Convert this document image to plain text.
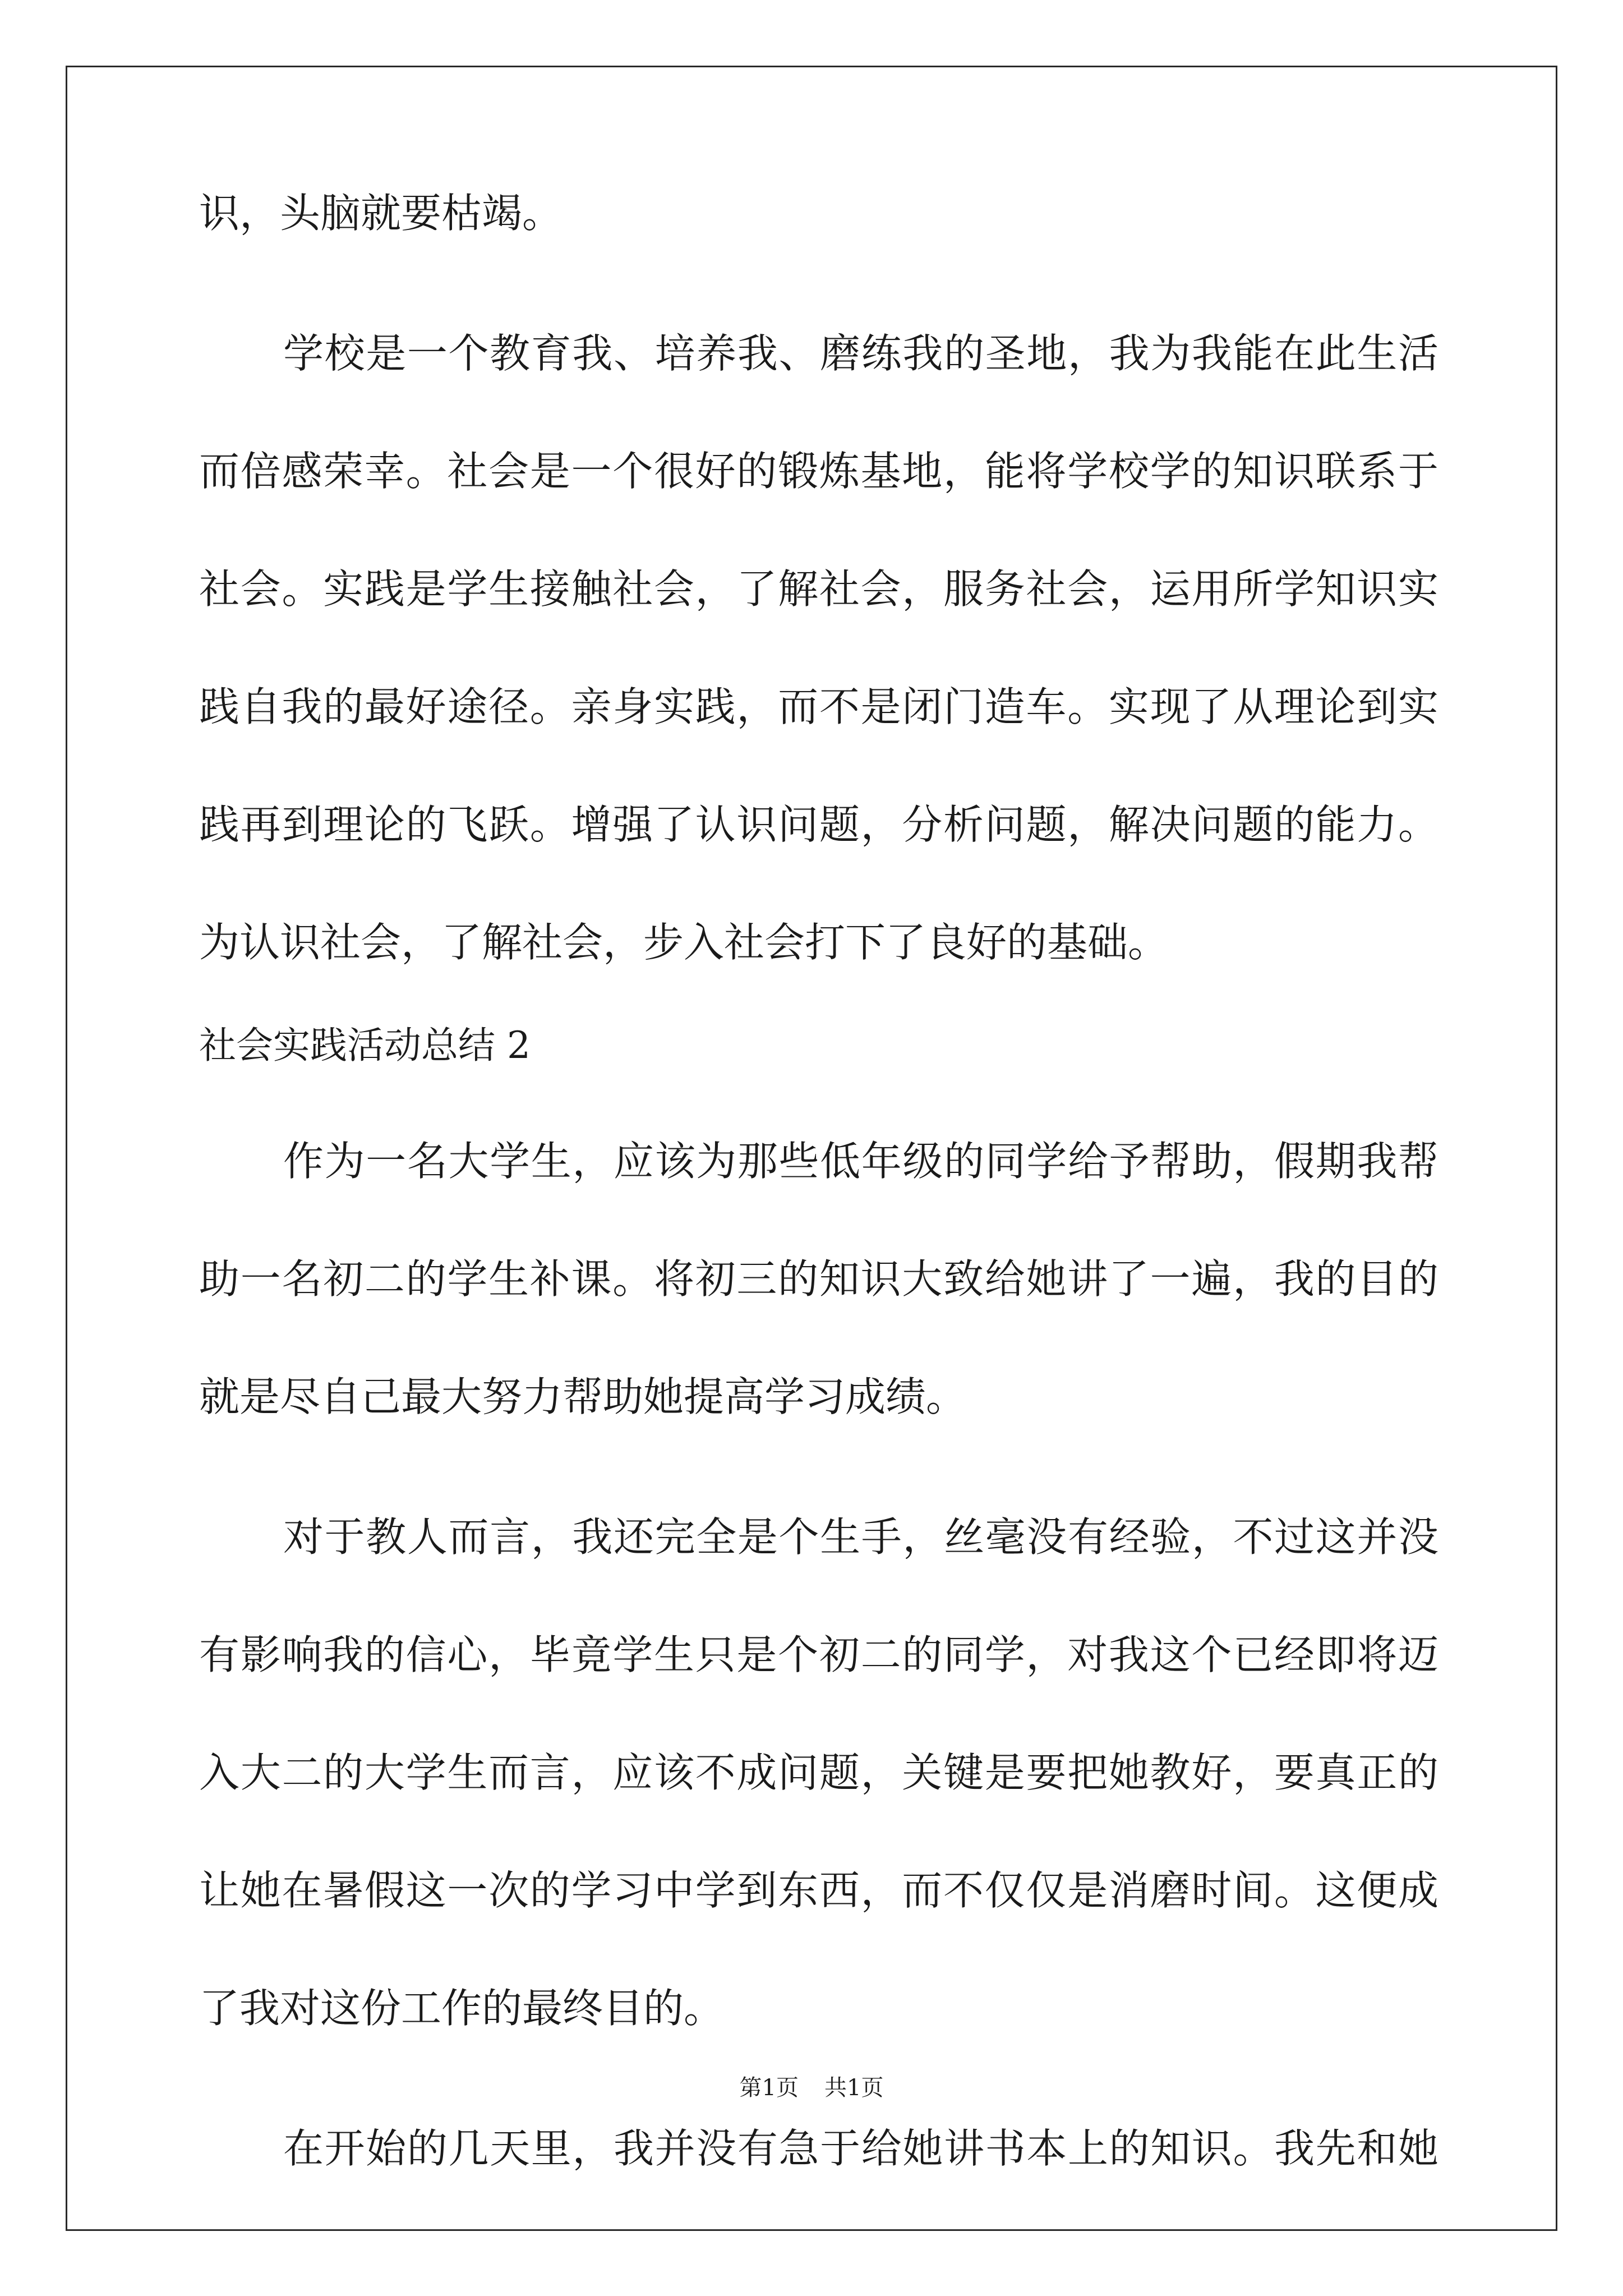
识，头脑就要枯竭。
学校是一个教育我、培养我、磨练我的圣地，我为我能在此生活
而倍感荣幸。社会是一个很好的锻炼基地，能将学校学的知识联系于
社会。实践是学生接触社会，了解社会，服务社会，运用所学知识实
践自我的最好途径。亲身实践，而不是闭门造车。实现了从理论到实
践再到理论的飞跃。增强了认识问题，分析问题，解决问题的能力。
为认识社会，了解社会，步入社会打下了良好的基础。
社会实践活动总结 2
作为一名大学生，应该为那些低年级的同学给予帮助，假期我帮
助一名初二的学生补课。将初三的知识大致给她讲了一遍，我的目的
就是尽自己最大努力帮助她提高学习成绩。
对于教人而言，我还完全是个生手，丝毫没有经验，不过这并没
有影响我的信心，毕竟学生只是个初二的同学，对我这个已经即将迈
入大二的大学生而言，应该不成问题，关键是要把她教好，要真正的
让她在暑假这一次的学习中学到东西，而不仅仅是消磨时间。这便成
了我对这份工作的最终目的。
在开始的几天里，我并没有急于给她讲书本上的知识。我先和她
第1页 共1页
